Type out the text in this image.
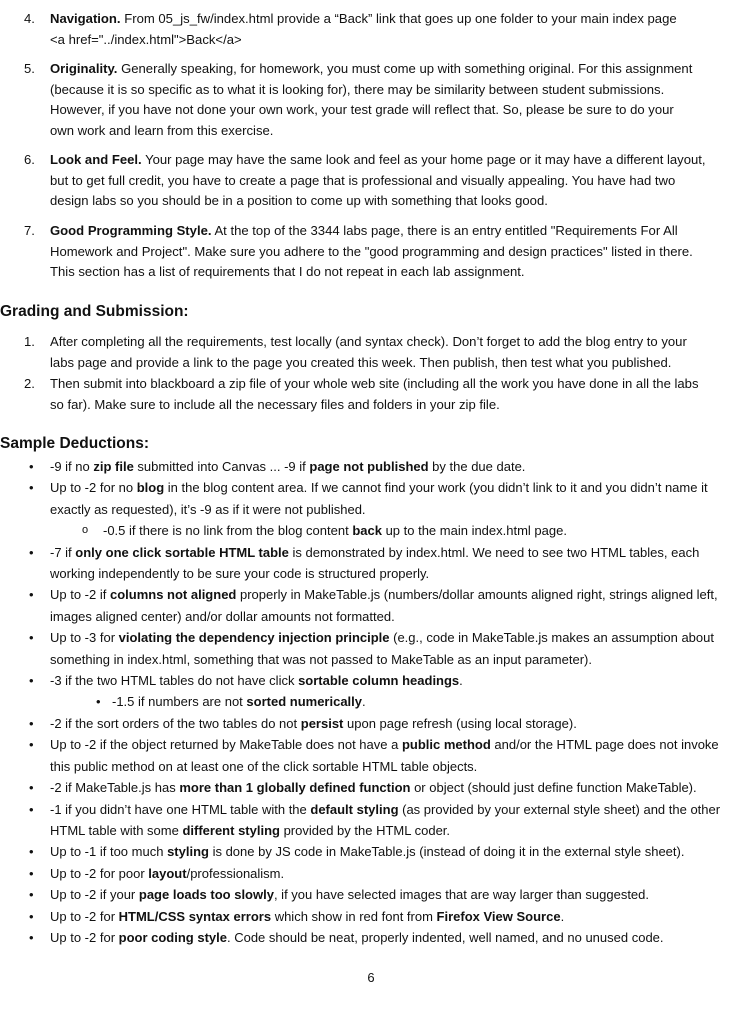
4. Navigation. From 05_js_fw/index.html provide a “Back” link that goes up one folder to your main index page

<a href="../index.html">Back</a>

5. Originality. Generally speaking, for homework, you must come up with something original. For this assignment

(because it is so specific as to what it is looking for), there may be similarity between student submissions.

However, if you have not done your own work, your test grade will reflect that. So, please be sure to do your

own work and learn from this exercise.

6. Look and Feel. Your page may have the same look and feel as your home page or it may have a different layout,

but to get full credit, you have to create a page that is professional and visually appealing. You have had two

design labs so you should be in a position to come up with something that looks good.

7. Good Programming Style. At the top of the 3344 labs page, there is an entry entitled "Requirements For All

Homework and Project". Make sure you adhere to the "good programming and design practices" listed in there.

This section has a list of requirements that I do not repeat in each lab assignment.

Grading and Submission:
1. After completing all the requirements, test locally (and syntax check). Don’t forget to add the blog entry to your

labs page and provide a link to the page you created this week. Then publish, then test what you published.

2. Then submit into blackboard a zip file of your whole web site (including all the work you have done in all the labs

so far). Make sure to include all the necessary files and folders in your zip file.

Sample Deductions:
• -9 if no zip file submitted into Canvas ... -9 if page not published by the due date.
• Up to -2 for no blog in the blog content area. If we cannot find your work (you didn’t link to it and you didn’t name it exactly as requested), it’s -9 as if it were not published.
o -0.5 if there is no link from the blog content back up to the main index.html page.
• -7 if only one click sortable HTML table is demonstrated by index.html. We need to see two HTML tables, each working independently to be sure your code is structured properly.
• Up to -2 if columns not aligned properly in MakeTable.js (numbers/dollar amounts aligned right, strings aligned left, images aligned center) and/or dollar amounts not formatted.
• Up to -3 for violating the dependency injection principle (e.g., code in MakeTable.js makes an assumption about something in index.html, something that was not passed to MakeTable as an input parameter).
• -3 if the two HTML tables do not have click sortable column headings.
• -1.5 if numbers are not sorted numerically.
• -2 if the sort orders of the two tables do not persist upon page refresh (using local storage).
• Up to -2 if the object returned by MakeTable does not have a public method and/or the HTML page does not invoke this public method on at least one of the click sortable HTML table objects.
• -2 if MakeTable.js has more than 1 globally defined function or object (should just define function MakeTable).
• -1 if you didn’t have one HTML table with the default styling (as provided by your external style sheet) and the other HTML table with some different styling provided by the HTML coder.
• Up to -1 if too much styling is done by JS code in MakeTable.js (instead of doing it in the external style sheet).
• Up to -2 for poor layout/professionalism.
• Up to -2 if your page loads too slowly, if you have selected images that are way larger than suggested.
• Up to -2 for HTML/CSS syntax errors which show in red font from Firefox View Source.
• Up to -2 for poor coding style. Code should be neat, properly indented, well named, and no unused code.
6
